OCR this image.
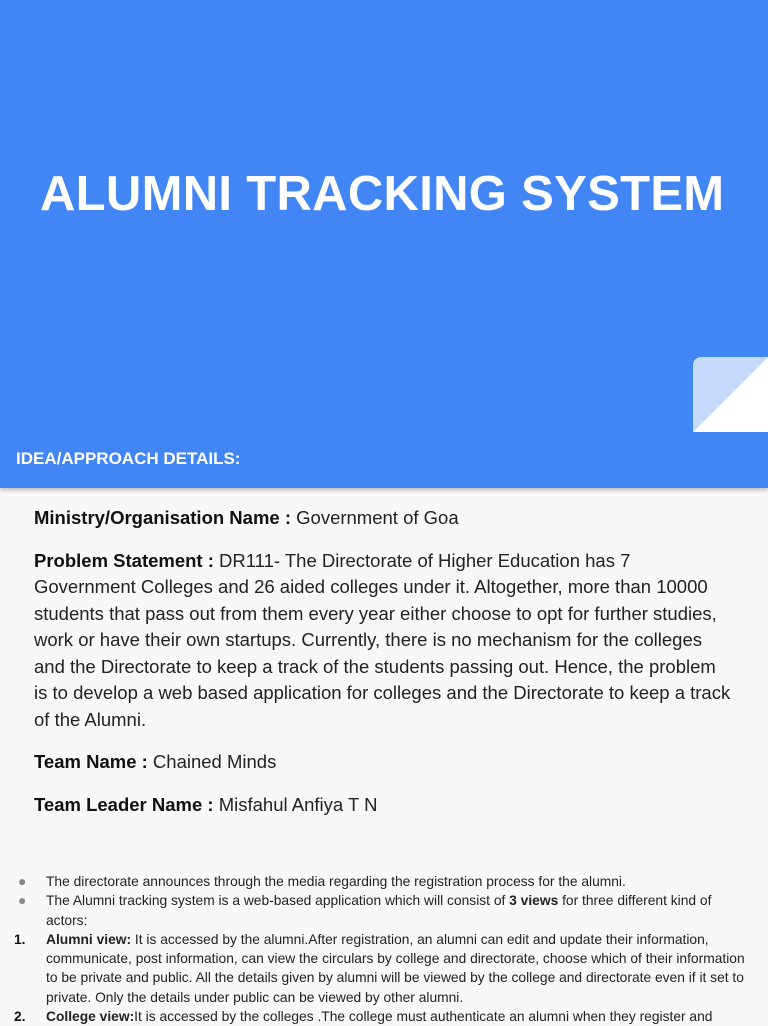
ALUMNI TRACKING SYSTEM
IDEA/APPROACH DETAILS:

Ministry/Organisation Name : Government of Goa

Problem Statement : DR111- The Directorate of Higher Education has 7 Government Colleges and 26 aided colleges under it. Altogether, more than 10000 students that pass out from them every year either choose to opt for further studies, work or have their own startups. Currently, there is no mechanism for the colleges and the Directorate to keep a track of the students passing out. Hence, the problem is to develop a web based application for colleges and the Directorate to keep a track of the Alumni.

Team Name : Chained Minds

Team Leader Name : Misfahul Anfiya T N

● The directorate announces through the media regarding the registration process for the alumni.
● The Alumni tracking system is a web-based application which will consist of 3 views for three different kind of actors:
1. Alumni view: It is accessed by the alumni.After registration, an alumni can edit and update their information, communicate, post information, can view the circulars by college and directorate, choose which of their information to be private and public. All the details given by alumni will be viewed by the college and directorate even if it set to private. Only the details under public can be viewed by other alumni.
2. College view:It is accessed by the colleges .The college must authenticate an alumni when they register and
